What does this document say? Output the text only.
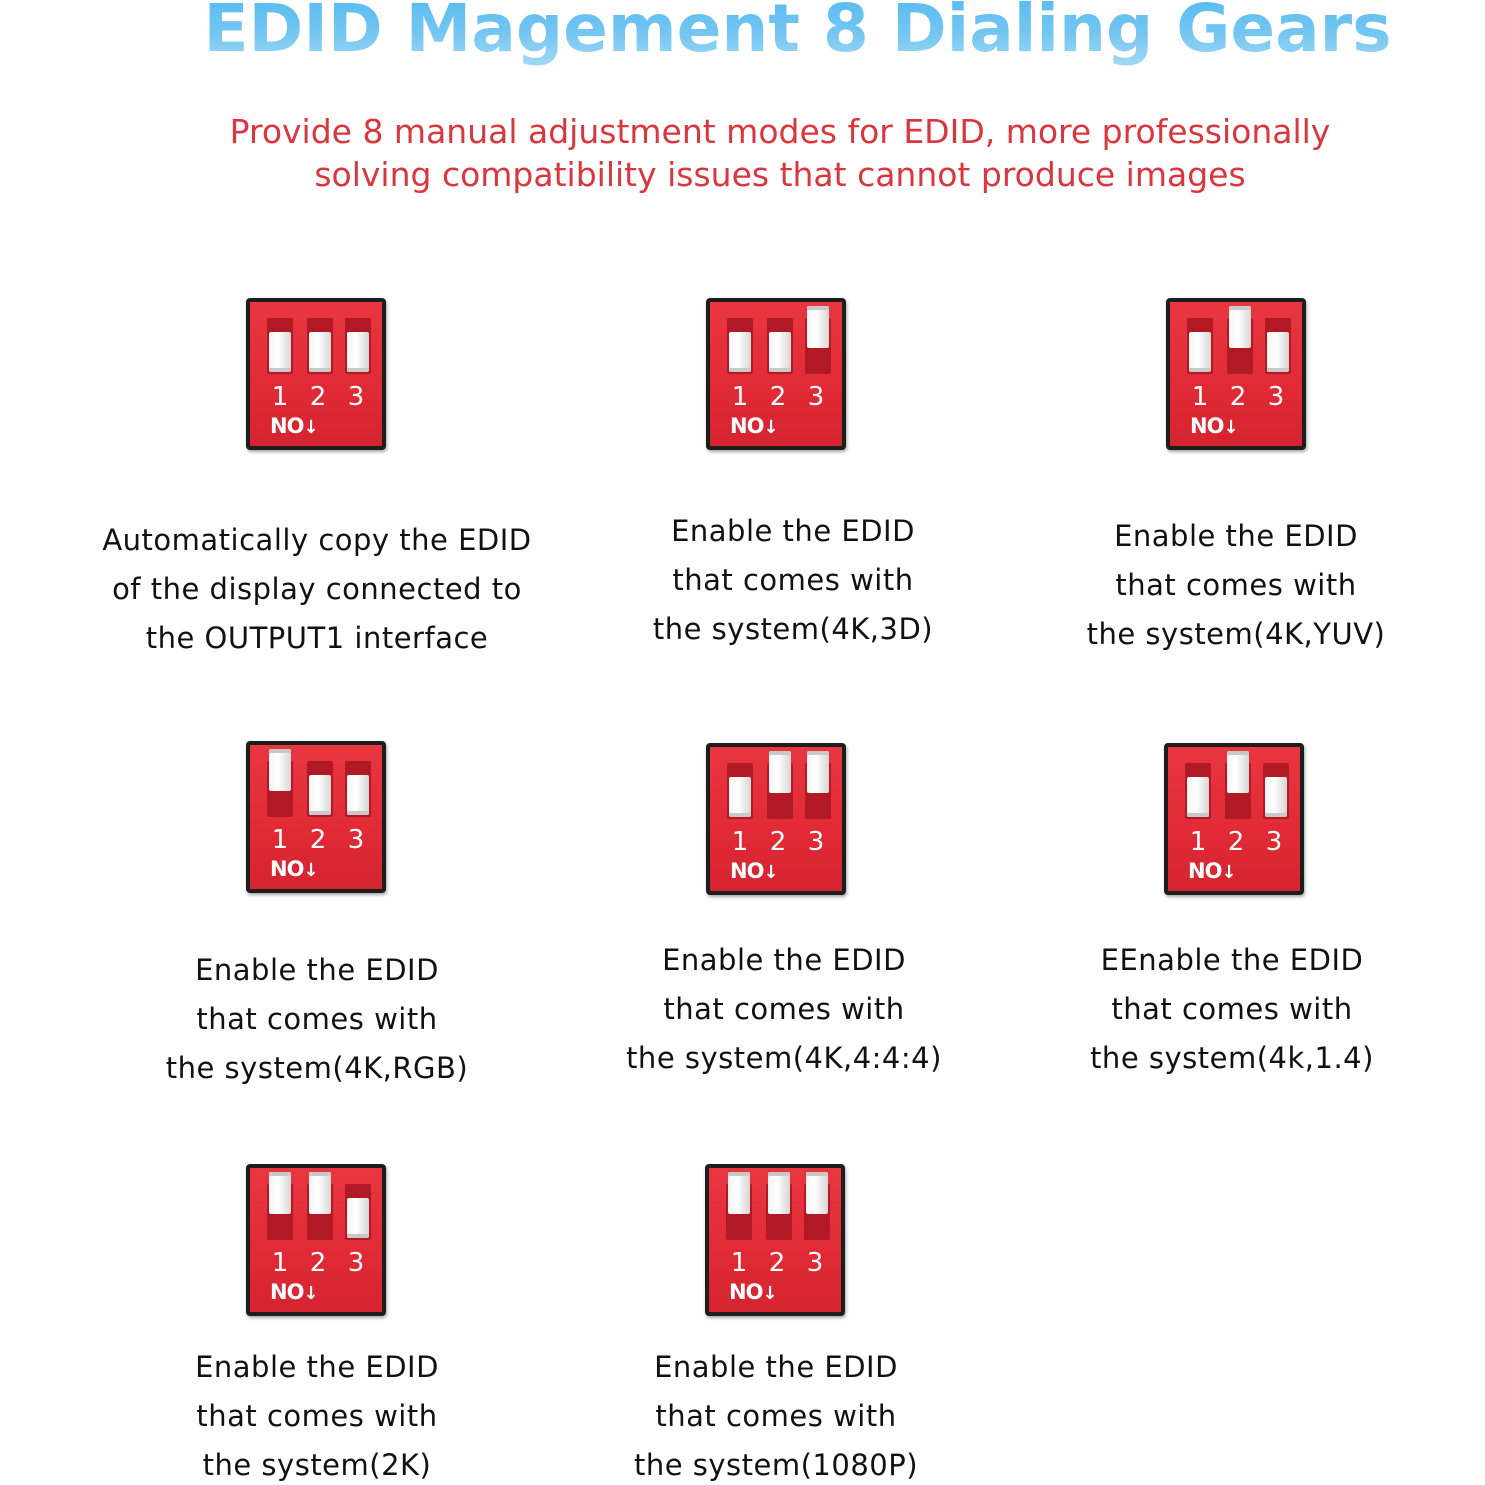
EDID Magement 8 Dialing Gears
Provide 8 manual adjustment modes for EDID, more professionally
solving compatibility issues that cannot produce images
1 2 3
NO↓
Automatically copy the EDID
of the display connected to
the OUTPUT1 interface
1 2 3
NO↓
Enable the EDID
that comes with
the system(4K,3D)
1 2 3
NO↓
Enable the EDID
that comes with
the system(4K,YUV)
1 2 3
NO↓
Enable the EDID
that comes with
the system(4K,RGB)
1 2 3
NO↓
Enable the EDID
that comes with
the system(4K,4:4:4)
1 2 3
NO↓
EEnable the EDID
that comes with
the system(4k,1.4)
1 2 3
NO↓
Enable the EDID
that comes with
the system(2K)
1 2 3
NO↓
Enable the EDID
that comes with
the system(1080P)
